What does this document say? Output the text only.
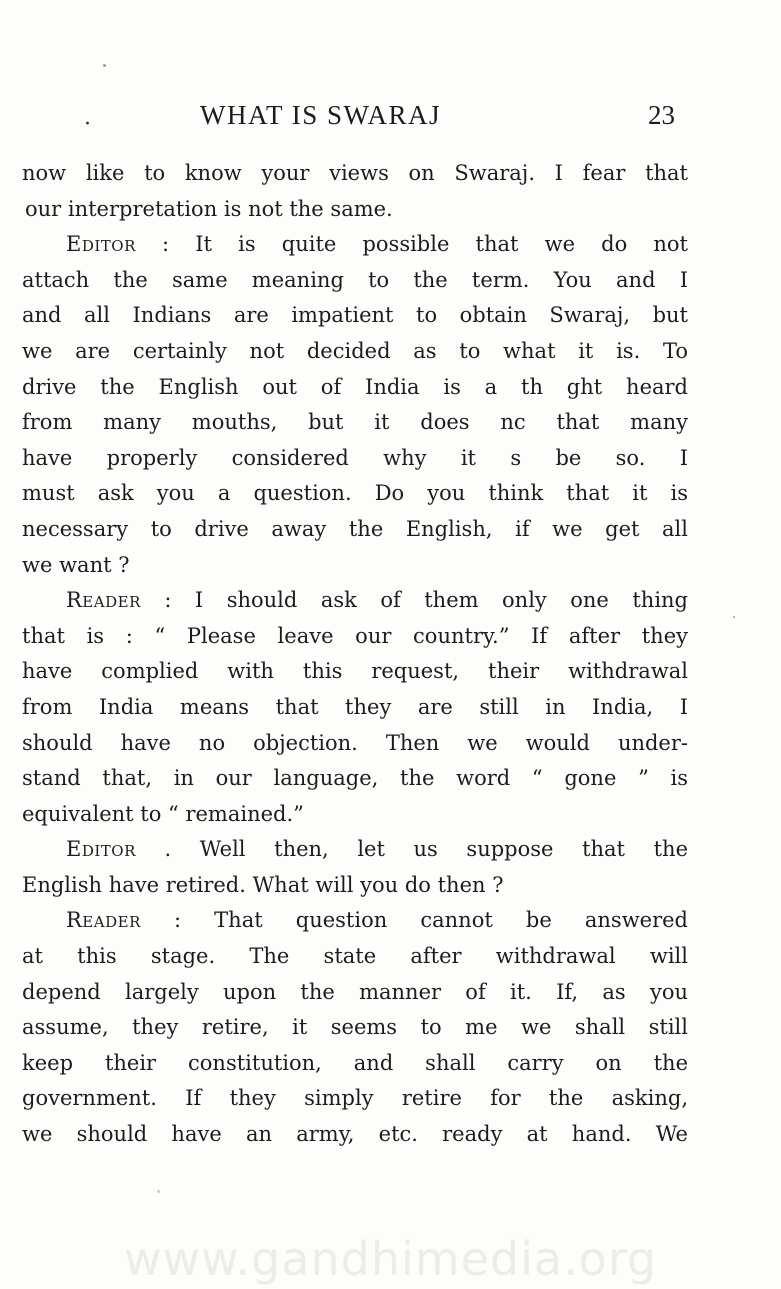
·	WHAT IS SWARAJ	23
now like to know your views on Swaraj. I fear that
our interpretation is not the same.
Editor : It is quite possible that we do not
attach the same meaning to the term. You and I
and all Indians are impatient to obtain Swaraj, but
we are certainly not decided as to what it is. To
drive the English out of India is a th ght heard
from many mouths, but it does nc that many
have properly considered why it s be so. I
must ask you a question. Do you think that it is
necessary to drive away the English, if we get all
we want ?
Reader : I should ask of them only one thing
that is : “ Please leave our country.” If after they
have complied with this request, their withdrawal
from India means that they are still in India, I
should have no objection. Then we would under-
stand that, in our language, the word “ gone ” is
equivalent to “ remained.”
Editor . Well then, let us suppose that the
English have retired. What will you do then ?
Reader : That question cannot be answered
at this stage. The state after withdrawal will
depend largely upon the manner of it. If, as you
assume, they retire, it seems to me we shall still
keep their constitution, and shall carry on the
government. If they simply retire for the asking,
we should have an army, etc. ready at hand. We
www.gandhimedia.org
